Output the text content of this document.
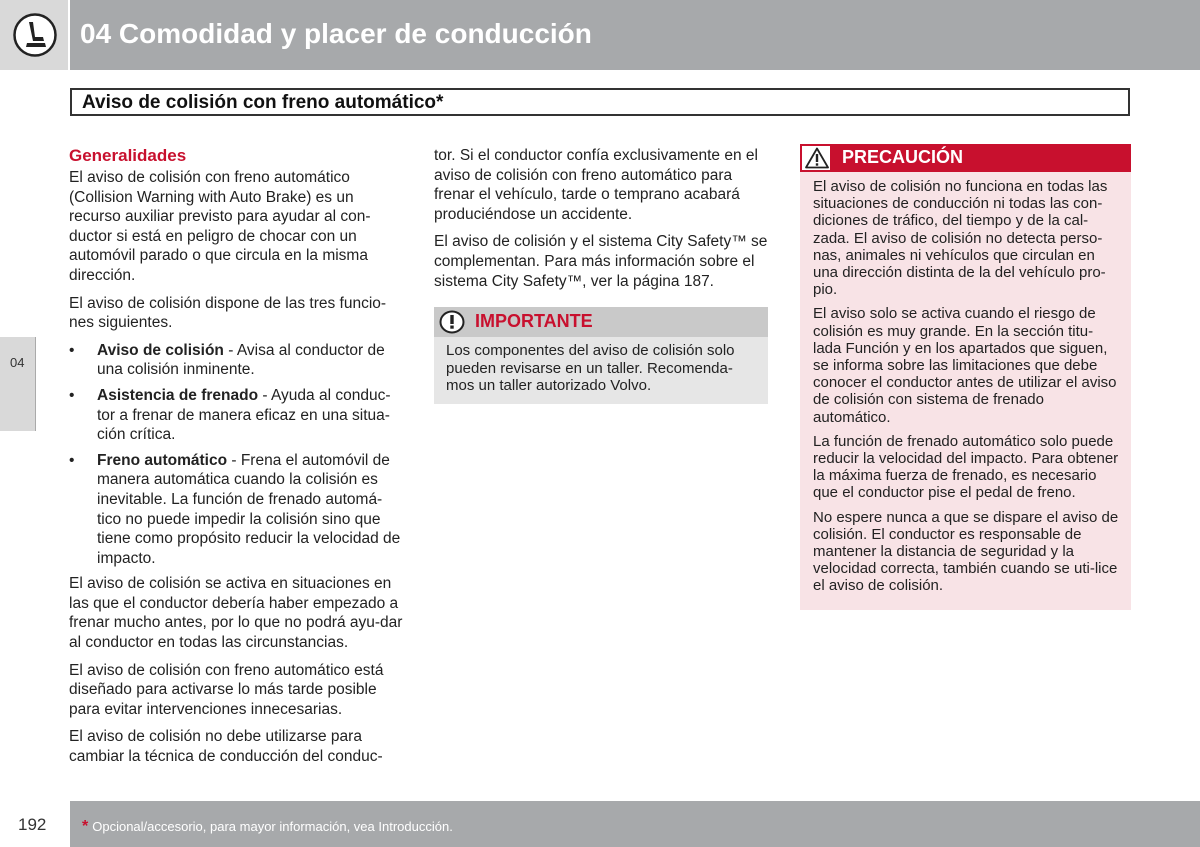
04 Comodidad y placer de conducción
Aviso de colisión con freno automático*
04
Generalidades

El aviso de colisión con freno automático (Collision Warning with Auto Brake) es un recurso auxiliar previsto para ayudar al con-ductor si está en peligro de chocar con un automóvil parado o que circula en la misma dirección.

El aviso de colisión dispone de las tres funcio-nes siguientes.

• Aviso de colisión - Avisa al conductor de una colisión inminente.
• Asistencia de frenado - Ayuda al conduc-tor a frenar de manera eficaz en una situa-ción crítica.
• Freno automático - Frena el automóvil de manera automática cuando la colisión es inevitable. La función de frenado automá-tico no puede impedir la colisión sino que tiene como propósito reducir la velocidad de impacto.

El aviso de colisión se activa en situaciones en las que el conductor debería haber empezado a frenar mucho antes, por lo que no podrá ayu-dar al conductor en todas las circunstancias.

El aviso de colisión con freno automático está diseñado para activarse lo más tarde posible para evitar intervenciones innecesarias.

El aviso de colisión no debe utilizarse para cambiar la técnica de conducción del conduc-

tor. Si el conductor confía exclusivamente en el aviso de colisión con freno automático para frenar el vehículo, tarde o temprano acabará produciéndose un accidente.

El aviso de colisión y el sistema City Safety™ se complementan. Para más información sobre el sistema City Safety™, ver la página 187.

IMPORTANTE
Los componentes del aviso de colisión solo pueden revisarse en un taller. Recomenda-mos un taller autorizado Volvo.
PRECAUCIÓN

El aviso de colisión no funciona en todas las situaciones de conducción ni todas las con-diciones de tráfico, del tiempo y de la cal-zada. El aviso de colisión no detecta perso-nas, animales ni vehículos que circulan en una dirección distinta de la del vehículo pro-pio.

El aviso solo se activa cuando el riesgo de colisión es muy grande. En la sección titu-lada Función y en los apartados que siguen, se informa sobre las limitaciones que debe conocer el conductor antes de utilizar el aviso de colisión con sistema de frenado automático.

La función de frenado automático solo puede reducir la velocidad del impacto. Para obtener la máxima fuerza de frenado, es necesario que el conductor pise el pedal de freno.

No espere nunca a que se dispare el aviso de colisión. El conductor es responsable de mantener la distancia de seguridad y la velocidad correcta, también cuando se uti-lice el aviso de colisión.

192 * Opcional/accesorio, para mayor información, vea Introducción.
